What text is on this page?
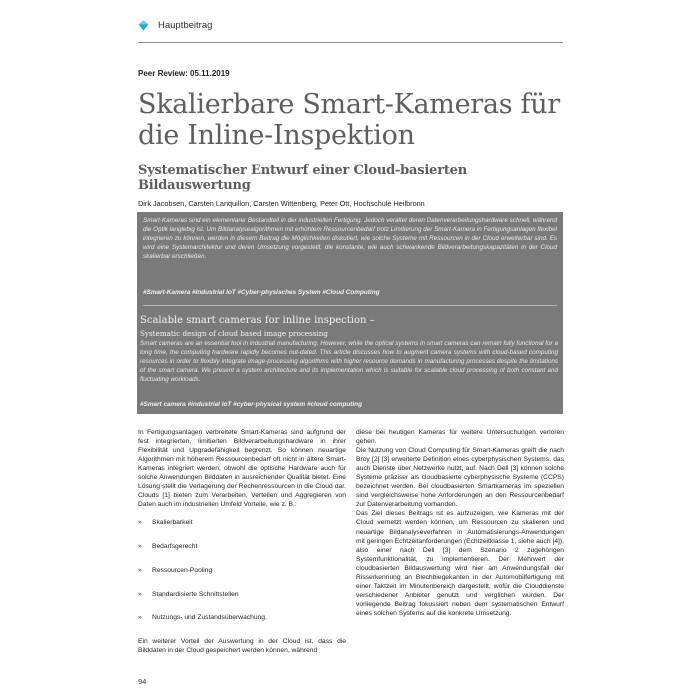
Hauptbeitrag
Peer Review: 05.11.2019
Skalierbare Smart-Kameras für die Inline-Inspektion
Systematischer Entwurf einer Cloud-basierten Bildauswertung
Dirk Jacobsen, Carsten Lanquillon, Carsten Wittenberg, Peter Ott, Hochschule Heilbronn

Smart-Kameras sind ein elementarer Bestandteil in der industriellen Fertigung. Jedoch veraltet deren Datenverarbeitungshardware schnell, während die Optik langlebig ist. Um Bildanalysealgorithmen mit erhöhtem Ressourcenbedarf trotz Limitierung der Smart-Kamera in Fertigungsanlagen flexibel integrieren zu können, werden in diesem Beitrag die Möglichkeiten diskutiert, wie solche Systeme mit Ressourcen in der Cloud erweiterbar sind. Es wird eine Systemarchitektur und deren Umsetzung vorgestellt, die konstante, wie auch schwankende Bildverarbeitungskapazitäten in der Cloud skalierbar erschließen.

#Smart-Kamera #Industrial IoT #Cyber-physisches System #Cloud Computing
Scalable smart cameras for inline inspection –
Systematic design of cloud based image processing

Smart cameras are an essential tool in industrial manufacturing. However, while the optical systems in smart cameras can remain fully functional for a long time, the computing hardware rapidly becomes out-dated. This article discusses how to augment camera systems with cloud-based computing resources in order to flexibly integrate image-processing algorithms with higher resource demands in manufacturing processes despite the limitations of the smart camera. We present a system architecture and its implementation which is suitable for scalable cloud processing of both constant and fluctuating workloads.

#Smart camera #industrial IoT #cyber-physical system #cloud computing

In Fertigungsanlagen verbreitete Smart-Kameras sind aufgrund der fest integrierten, limitierten Bildverarbeitungshardware in ihrer Flexibilität und Upgradefähigkeit begrenzt. So können neuartige Algorithmen mit höherem Ressourcenbedarf oft nicht in ältere Smart-Kameras integriert werden, obwohl die optische Hardware auch für solche Anwendungen Bilddaten in ausreichender Qualität bietet. Eine Lösung stellt die Verlagerung der Rechenressourcen in die Cloud dar. Clouds [1] bieten zum Verarbeiten, Verteilen und Aggregieren von Daten auch im industriellen Umfeld Vorteile, wie z. B.:

»	Skalierbarkeit
»	Bedarfsgerecht
»	Ressourcen-Pooling
»	Standardisierte Schnittstellen
»	Nutzungs- und Zustandsüberwachung.

Ein weiterer Vorteil der Auswertung in der Cloud ist, dass die Bilddaten in der Cloud gespeichert werden können, während

diese bei heutigen Kameras für weitere Untersuchungen verloren gehen.

Die Nutzung von Cloud Computing für Smart-Kameras greift die nach Broy [2] [3] erweiterte Definition eines cyberphysischen Systems, das auch Dienste über Netzwerke nutzt, auf. Nach Dell [3] können solche Systeme präziser als cloudbasierte cyberphysische Systeme (CCPS) bezeichnet werden. Bei cloudbasierten Smartkameras im speziellen sind vergleichsweise hohe Anforderungen an den Ressourcenbedarf zur Datenverarbeitung vorhanden.

Das Ziel dieses Beitrags ist es aufzuzeigen, wie Kameras mit der Cloud vernetzt werden können, um Ressourcen zu skalieren und neuartige Bildanalyseverfahren in Automatisierungs-Anwendungen mit geringen Echtzeitanforderungen (Echtzeitklasse 1, siehe auch [4]), also einer nach Dell [3] dem Szenario 2 zugehörigen Systemfunktionalität, zu implementieren. Der Mehrwert der cloudbasierten Bildauswertung wird hier am Anwendungsfall der Risserkennung an Blechbiegekanten in der Automobilfertigung mit einer Taktzeit im Minutenbereich dargestellt, wofür die Clouddienste verschiedener Anbieter genutzt und verglichen wurden. Der vorliegende Beitrag fokussiert neben dem systematischen Entwurf eines solchen Systems auf die konkrete Umsetzung.

94
